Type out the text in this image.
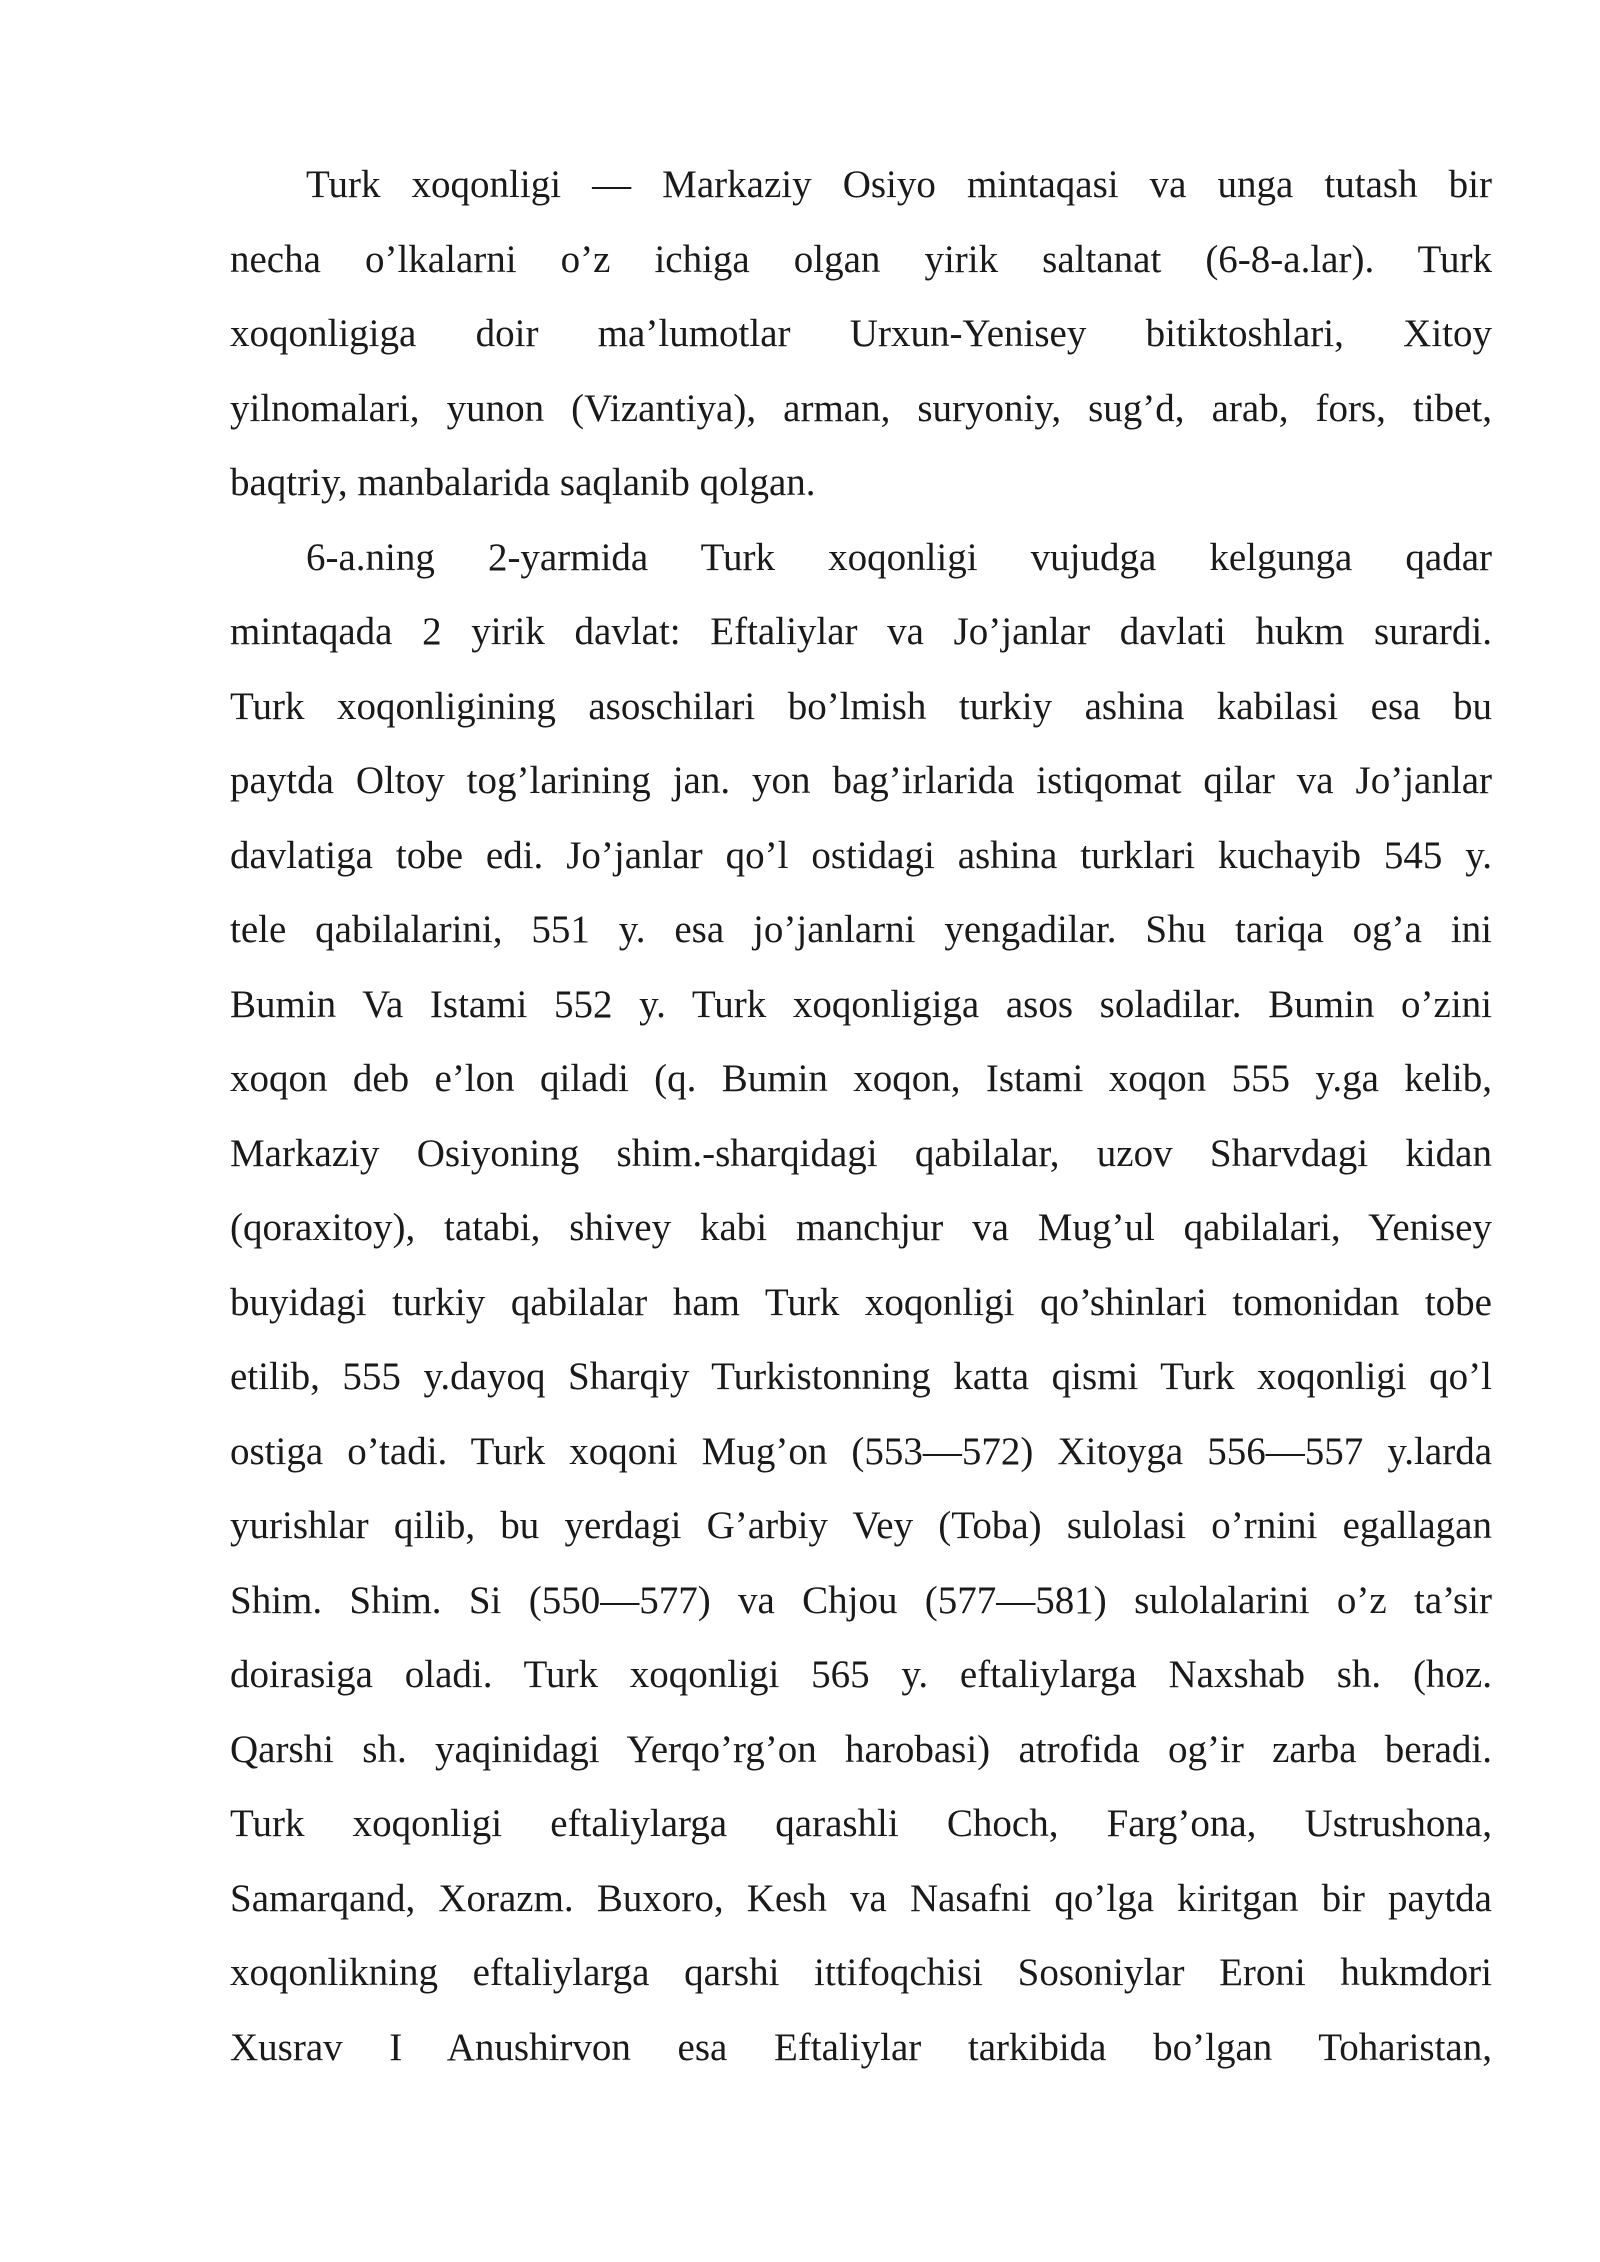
Turk xoqonligi — Markaziy Osiyo mintaqasi va unga tutash bir
necha o’lkalarni o’z ichiga olgan yirik saltanat (6-8-a.lar). Turk
xoqonligiga doir ma’lumotlar Urxun-Yenisey bitiktoshlari, Xitoy
yilnomalari, yunon (Vizantiya), arman, suryoniy, sug’d, arab, fors, tibet,
baqtriy, manbalarida saqlanib qolgan.
6-a.ning 2-yarmida Turk xoqonligi vujudga kelgunga qadar
mintaqada 2 yirik davlat: Eftaliylar va Jo’janlar davlati hukm surardi.
Turk xoqonligining asoschilari bo’lmish turkiy ashina kabilasi esa bu
paytda Oltoy tog’larining jan. yon bag’irlarida istiqomat qilar va Jo’janlar
davlatiga tobe edi. Jo’janlar qo’l ostidagi ashina turklari kuchayib 545 y.
tele qabilalarini, 551 y. esa jo’janlarni yengadilar. Shu tariqa og’a ini
Bumin Va Istami 552 y. Turk xoqonligiga asos soladilar. Bumin o’zini
xoqon deb e’lon qiladi (q. Bumin xoqon, Istami xoqon 555 y.ga kelib,
Markaziy Osiyoning shim.-sharqidagi qabilalar, uzov Sharvdagi kidan
(qoraxitoy), tatabi, shivey kabi manchjur va Mug’ul qabilalari, Yenisey
buyidagi turkiy qabilalar ham Turk xoqonligi qo’shinlari tomonidan tobe
etilib, 555 y.dayoq Sharqiy Turkistonning katta qismi Turk xoqonligi qo’l
ostiga o’tadi. Turk xoqoni Mug’on (553—572) Xitoyga 556—557 y.larda
yurishlar qilib, bu yerdagi G’arbiy Vey (Toba) sulolasi o’rnini egallagan
Shim. Shim. Si (550—577) va Chjou (577—581) sulolalarini o’z ta’sir
doirasiga oladi. Turk xoqonligi 565 y. eftaliylarga Naxshab sh. (hoz.
Qarshi sh. yaqinidagi Yerqo’rg’on harobasi) atrofida og’ir zarba beradi.
Turk xoqonligi eftaliylarga qarashli Choch, Farg’ona, Ustrushona,
Samarqand, Xorazm. Buxoro, Kesh va Nasafni qo’lga kiritgan bir paytda
xoqonlikning eftaliylarga qarshi ittifoqchisi Sosoniylar Eroni hukmdori
Xusrav I Anushirvon esa Eftaliylar tarkibida bo’lgan Toharistan,
